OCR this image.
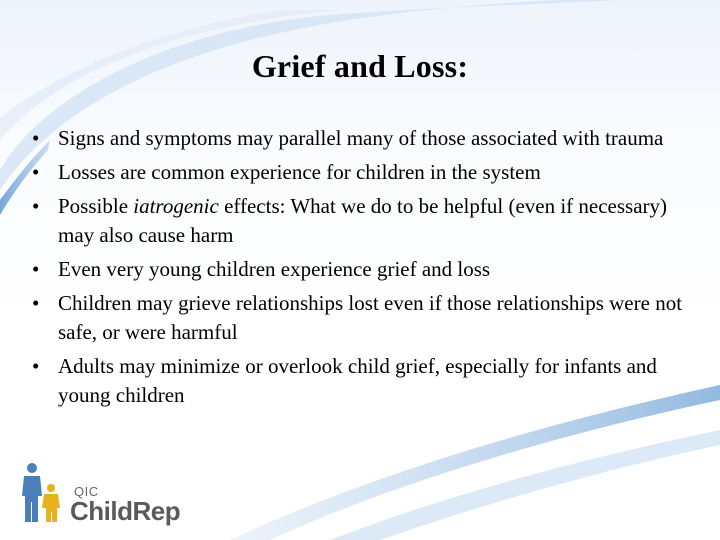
Grief and Loss:
• Signs and symptoms may parallel many of those associated with trauma
• Losses are common experience for children in the system
• Possible iatrogenic effects: What we do to be helpful (even if necessary) may also cause harm
• Even very young children experience grief and loss
• Children may grieve relationships lost even if those relationships were not safe, or were harmful
• Adults may minimize or overlook child grief, especially for infants and young children
QIC
ChildRep
